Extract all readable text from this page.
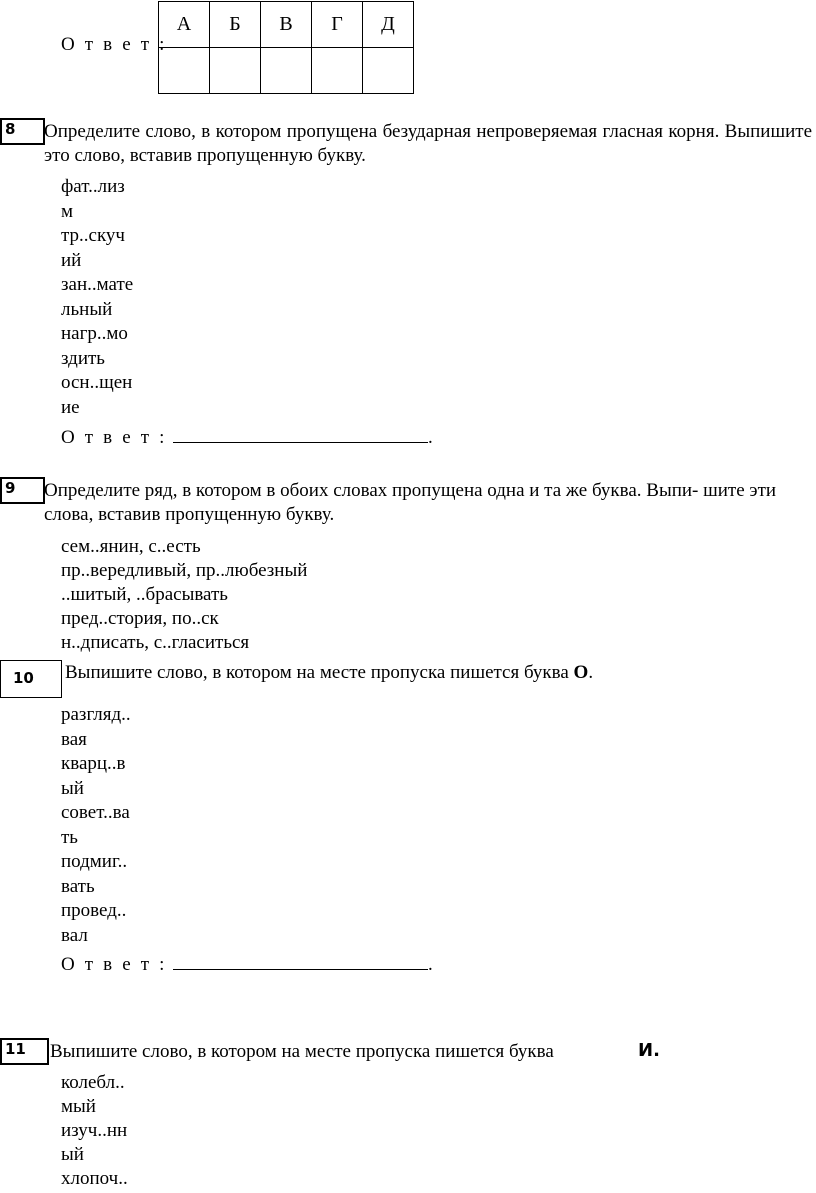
О т в е т :
А	Б	В	Г	Д

8	Определите слово, в котором пропущена безударная непроверяемая гласная корня. Выпишите это слово, вставив пропущенную букву.
фат..лиз
м
тр..скуч
ий
зан..мате
льный
нагр..мо
здить
осн..щен
ие
О т в е т :	.
9	Определите ряд, в котором в обоих словах пропущена одна и та же буква. Выпи- шите эти слова, вставив пропущенную букву.
сем..янин, с..есть
пр..вередливый, пр..любезный
..шитый, ..брасывать
пред..стория, по..ск
н..дписать, с..гласиться
10	Выпишите слово, в котором на месте пропуска пишется буква О.
разгляд..
вая
кварц..в
ый
совет..ва
ть
подмиг..
вать
провед..
вал
О т в е т :	.
11	Выпишите слово, в котором на месте пропуска пишется буква	И.
колебл..
мый
изуч..нн
ый
хлопоч..
